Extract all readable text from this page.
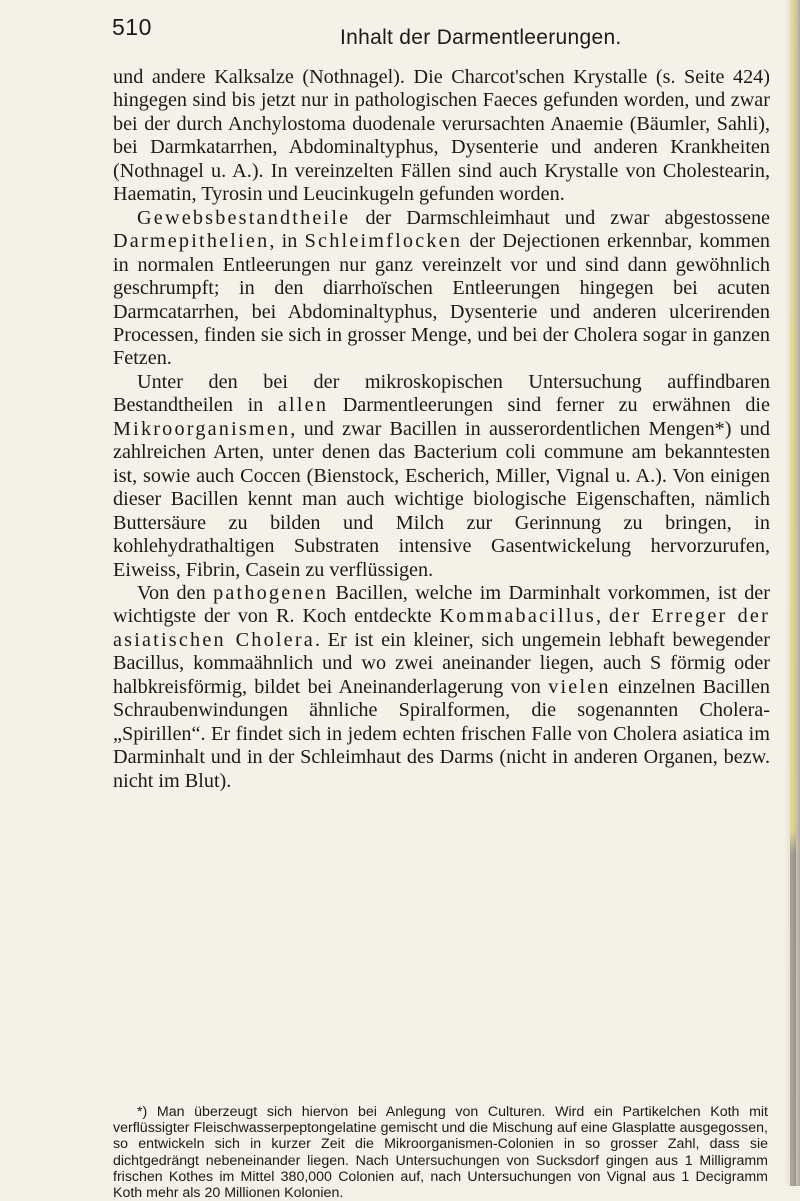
510	Inhalt der Darmentleerungen.

und andere Kalksalze (Nothnagel). Die Charcot'schen Krystalle (s. Seite 424) hingegen sind bis jetzt nur in pathologischen Faeces gefunden worden, und zwar bei der durch Anchylostoma duodenale verursachten Anaemie (Bäumler, Sahli), bei Darmkatarrhen, Abdominaltyphus, Dysenterie und anderen Krankheiten (Nothnagel u. A.). In vereinzelten Fällen sind auch Krystalle von Cholestearin, Haematin, Tyrosin und Leucinkugeln gefunden worden.

Gewebsbestandtheile der Darmschleimhaut und zwar abgestossene Darmepithelien, in Schleimflocken der Dejectionen erkennbar, kommen in normalen Entleerungen nur ganz vereinzelt vor und sind dann gewöhnlich geschrumpft; in den diarrhoïschen Entleerungen hingegen bei acuten Darmcatarrhen, bei Abdominaltyphus, Dysenterie und anderen ulcerirenden Processen, finden sie sich in grosser Menge, und bei der Cholera sogar in ganzen Fetzen.

Unter den bei der mikroskopischen Untersuchung auffindbaren Bestandtheilen in allen Darmentleerungen sind ferner zu erwähnen die Mikroorganismen, und zwar Bacillen in ausserordentlichen Mengen*) und zahlreichen Arten, unter denen das Bacterium coli commune am bekanntesten ist, sowie auch Coccen (Bienstock, Escherich, Miller, Vignal u. A.). Von einigen dieser Bacillen kennt man auch wichtige biologische Eigenschaften, nämlich Buttersäure zu bilden und Milch zur Gerinnung zu bringen, in kohlehydrathaltigen Substraten intensive Gasentwickelung hervorzurufen, Eiweiss, Fibrin, Casein zu verflüssigen.

Von den pathogenen Bacillen, welche im Darminhalt vorkommen, ist der wichtigste der von R. Koch entdeckte Kommabacillus, der Erreger der asiatischen Cholera. Er ist ein kleiner, sich ungemein lebhaft bewegender Bacillus, kommaähnlich und wo zwei aneinander liegen, auch S förmig oder halbkreisförmig, bildet bei Aneinanderlagerung von vielen einzelnen Bacillen Schraubenwindungen ähnliche Spiralformen, die sogenannten Cholera-„Spirillen“. Er findet sich in jedem echten frischen Falle von Cholera asiatica im Darminhalt und in der Schleimhaut des Darms (nicht in anderen Organen, bezw. nicht im Blut).

*) Man überzeugt sich hiervon bei Anlegung von Culturen. Wird ein Partikelchen Koth mit verflüssigter Fleischwasserpeptongelatine gemischt und die Mischung auf eine Glasplatte ausgegossen, so entwickeln sich in kurzer Zeit die Mikroorganismen-Colonien in so grosser Zahl, dass sie dichtgedrängt nebeneinander liegen. Nach Untersuchungen von Sucksdorf gingen aus 1 Milligramm frischen Kothes im Mittel 380,000 Colonien auf, nach Untersuchungen von Vignal aus 1 Decigramm Koth mehr als 20 Millionen Kolonien.
